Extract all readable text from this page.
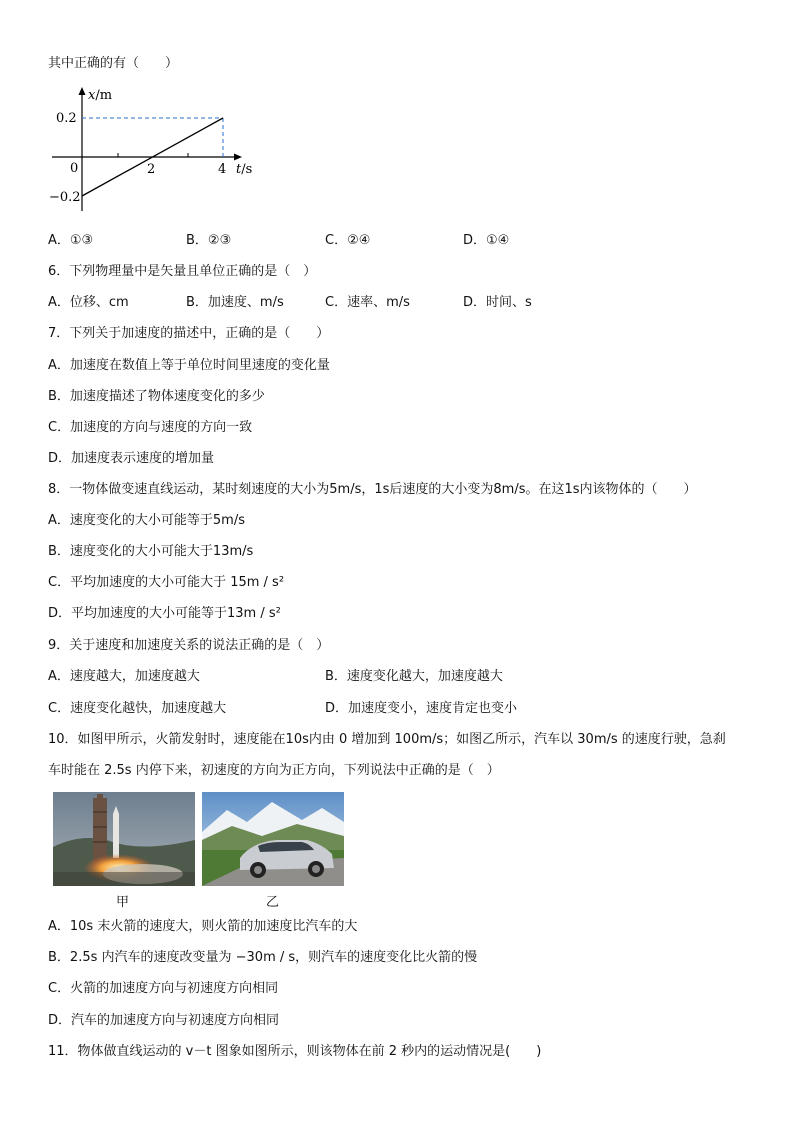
其中正确的有（　　）
x/m
0.2
0	2	4 t/s
−0.2
A．①③	B．②③	C．②④	D．①④
6．下列物理量中是矢量且单位正确的是（　）
A．位移、cm	B．加速度、m/s	C．速率、m/s	D．时间、s
7．下列关于加速度的描述中，正确的是（　　）
A．加速度在数值上等于单位时间里速度的变化量
B．加速度描述了物体速度变化的多少
C．加速度的方向与速度的方向一致
D．加速度表示速度的增加量
8．一物体做变速直线运动，某时刻速度的大小为5m/s，1s后速度的大小变为8m/s。在这1s内该物体的（　　）
A．速度变化的大小可能等于5m/s
B．速度变化的大小可能大于13m/s
C．平均加速度的大小可能大于 15m / s²
D．平均加速度的大小可能等于13m / s²
9．关于速度和加速度关系的说法正确的是（　）
A．速度越大，加速度越大	B．速度变化越大，加速度越大
C．速度变化越快，加速度越大	D．加速度变小，速度肯定也变小
10．如图甲所示，火箭发射时，速度能在10s内由 0 增加到 100m/s；如图乙所示，汽车以 30m/s 的速度行驶，急刹
车时能在 2.5s 内停下来，初速度的方向为正方向，下列说法中正确的是（　）
甲	乙
A．10s 末火箭的速度大，则火箭的加速度比汽车的大
B．2.5s 内汽车的速度改变量为 −30m / s，则汽车的速度变化比火箭的慢
C．火箭的加速度方向与初速度方向相同
D．汽车的加速度方向与初速度方向相同
11．物体做直线运动的 v－t 图象如图所示，则该物体在前 2 秒内的运动情况是(　　)
